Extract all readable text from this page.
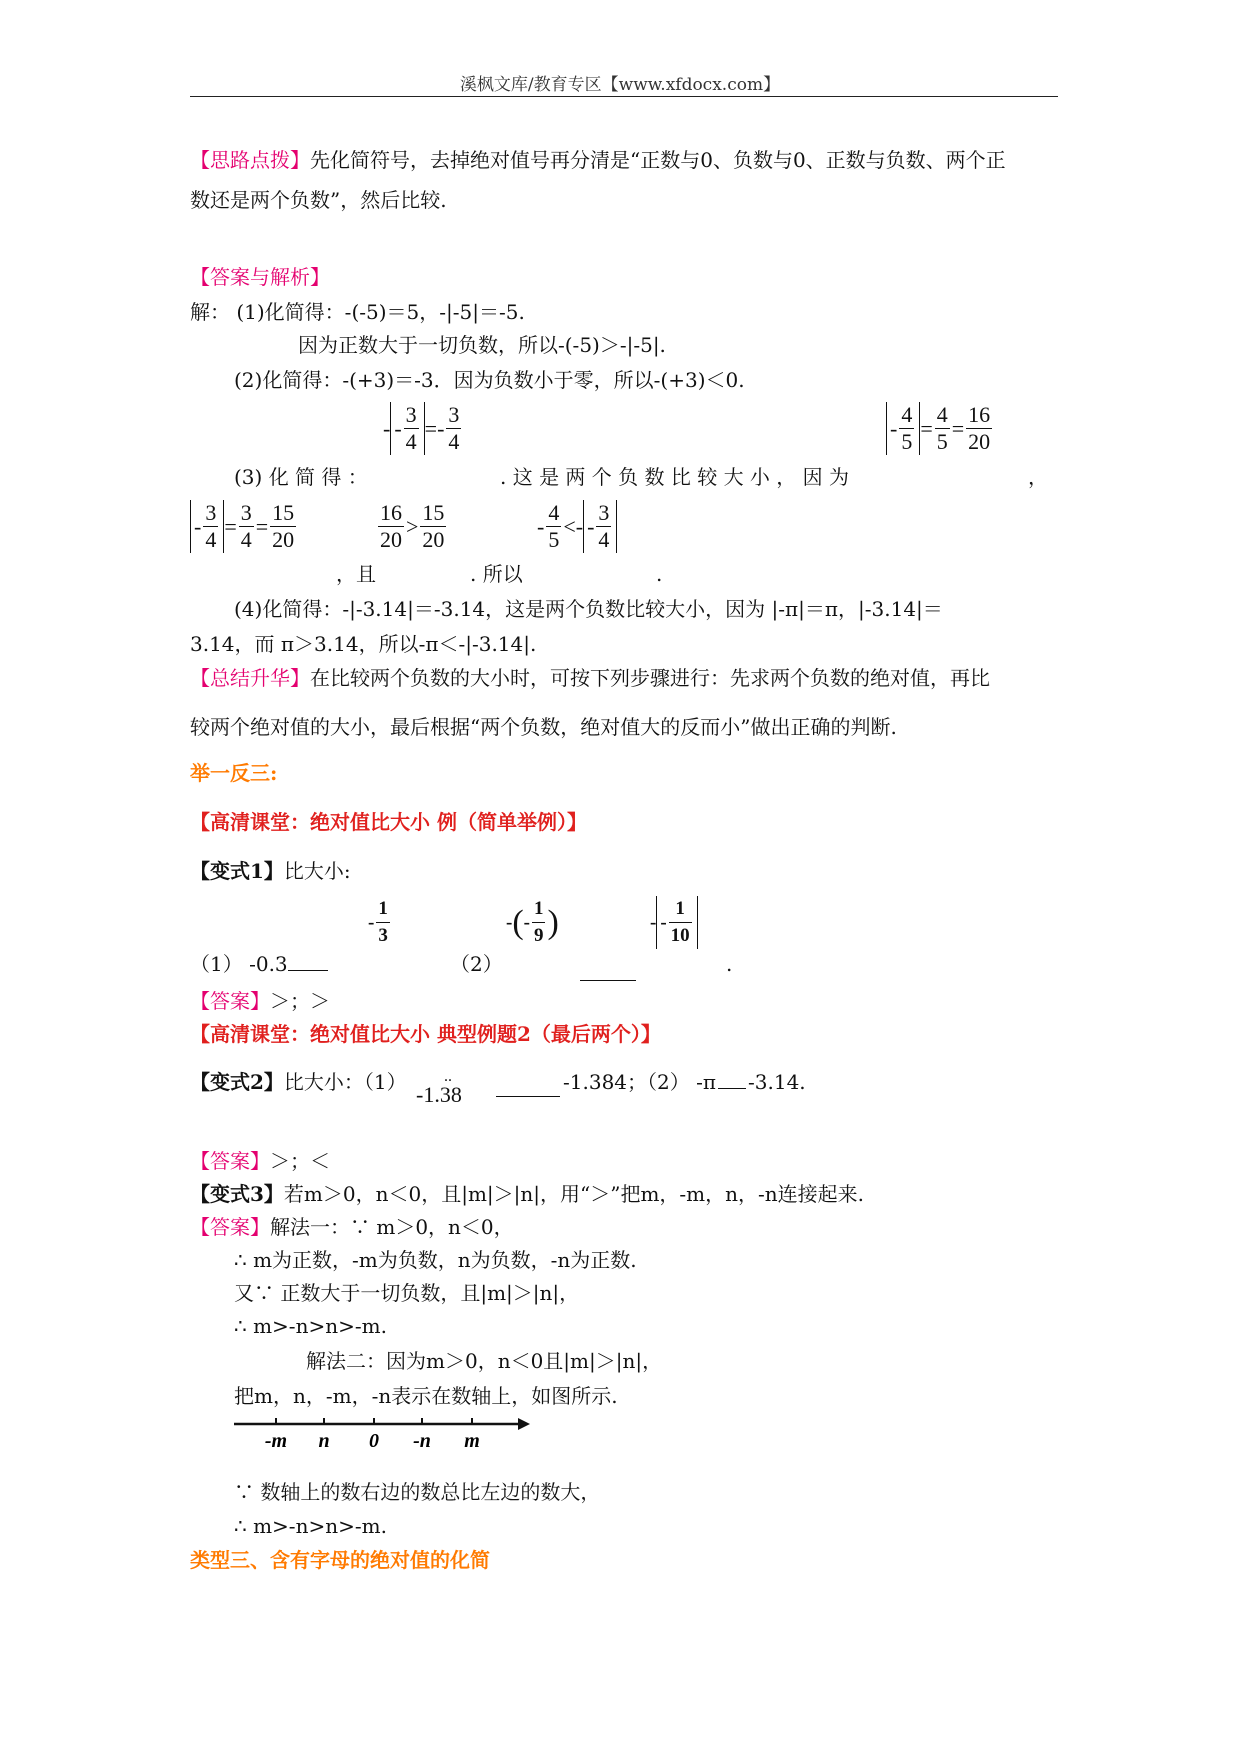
溪枫文库/教育专区【www.xfdocx.com】
【思路点拨】先化简符号，去掉绝对值号再分清是“正数与0、负数与0、正数与负数、两个正
数还是两个负数”，然后比较.
【答案与解析】
解： (1)化简得：-(-5)＝5，-|-5|＝-5.
因为正数大于一切负数，所以-(-5)＞-|-5|.
(2)化简得：-(+3)＝-3．因为负数小于零，所以-(+3)＜0.
- - $\frac{3}{4}$ = - $\frac{3}{4}$	- $\frac{4}{5} = \frac{4}{5} = \frac{16}{20}$
(3) 化 简 得 ：	. 这 是 两 个 负 数 比 较 大 小 ， 因 为	，
- $\frac{3}{4} = \frac{3}{4} = \frac{15}{20}$	$\frac{16}{20} > \frac{15}{20}$	- $\frac{4}{5}$ < - - $\frac{3}{4}$
，且	. 所以	.
(4)化简得：-|-3.14|＝-3.14，这是两个负数比较大小，因为 |-π|＝π，|-3.14|＝
3.14，而 π＞3.14，所以-π＜-|-3.14|.
【总结升华】在比较两个负数的大小时，可按下列步骤进行：先求两个负数的绝对值，再比
较两个绝对值的大小，最后根据“两个负数，绝对值大的反而小”做出正确的判断.
举一反三:
【高清课堂：绝对值比大小 例（简单举例）】
【变式1】比大小:
（1） -0.3
- $\frac{1}{3}$
（2）
- ( - $\frac{1}{9}$ )	- - $\frac{1}{10}$
.
【答案】＞；＞
【高清课堂：绝对值比大小 典型例题2（最后两个）】
【变式2】比大小：（1） -1.38
..	-1.384；（2） -π -3.14.
【答案】＞；＜
【变式3】若m＞0，n＜0，且|m|＞|n|，用“＞”把m，-m，n，-n连接起来.
【答案】解法一：∵ m＞0，n＜0，
∴ m为正数，-m为负数，n为负数，-n为正数.
又∵ 正数大于一切负数，且|m|＞|n|，
∴ m>-n>n>-m.
解法二：因为m＞0，n＜0且|m|＞|n|，
把m，n，-m，-n表示在数轴上，如图所示.
-m n 0 -n m
∵ 数轴上的数右边的数总比左边的数大，
∴ m>-n>n>-m.
类型三、含有字母的绝对值的化简
